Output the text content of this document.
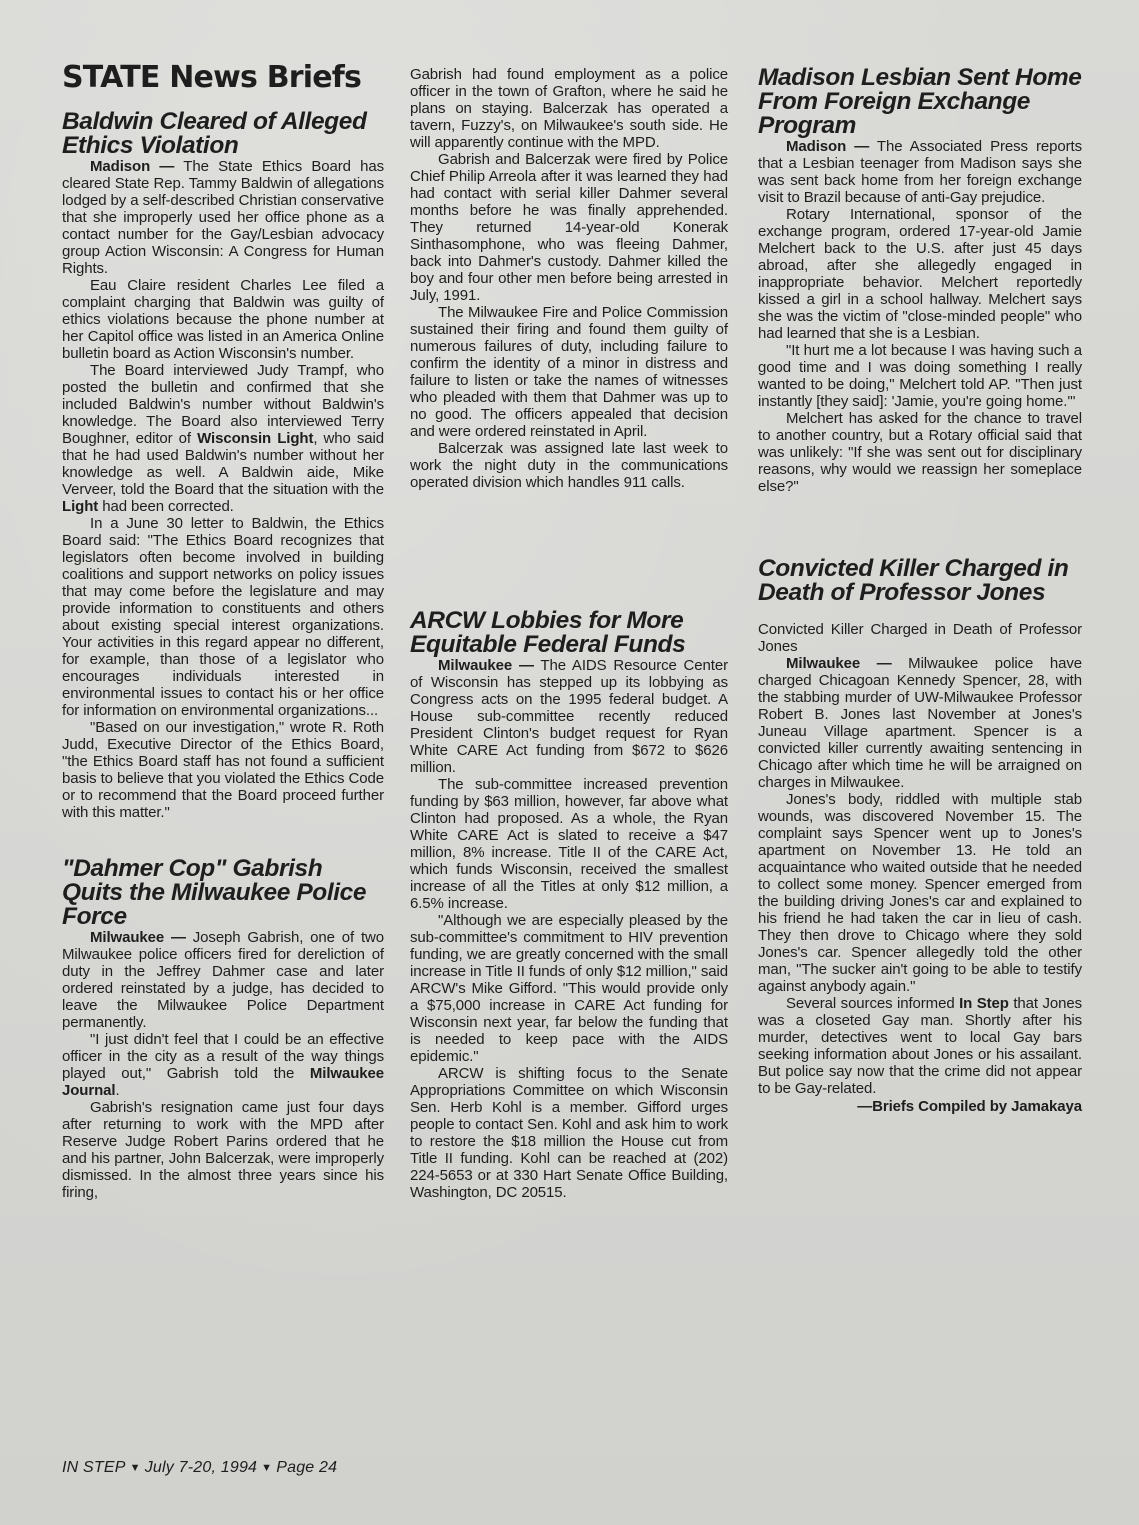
STATE News Briefs
Baldwin Cleared of Alleged Ethics Violation

Madison — The State Ethics Board has cleared State Rep. Tammy Baldwin of allegations lodged by a self-described Christian conservative that she improperly used her office phone as a contact number for the Gay/Lesbian advocacy group Action Wisconsin: A Congress for Human Rights.

Eau Claire resident Charles Lee filed a complaint charging that Baldwin was guilty of ethics violations because the phone number at her Capitol office was listed in an America Online bulletin board as Action Wisconsin's number.

The Board interviewed Judy Trampf, who posted the bulletin and confirmed that she included Baldwin's number without Baldwin's knowledge. The Board also interviewed Terry Boughner, editor of Wisconsin Light, who said that he had used Baldwin's number without her knowledge as well. A Baldwin aide, Mike Verveer, told the Board that the situation with the Light had been corrected.

In a June 30 letter to Baldwin, the Ethics Board said: "The Ethics Board recognizes that legislators often become involved in building coalitions and support networks on policy issues that may come before the legislature and may provide information to constituents and others about existing special interest organizations. Your activities in this regard appear no different, for example, than those of a legislator who encourages individuals interested in environmental issues to contact his or her office for information on environmental organizations...

"Based on our investigation," wrote R. Roth Judd, Executive Director of the Ethics Board, "the Ethics Board staff has not found a sufficient basis to believe that you violated the Ethics Code or to recommend that the Board proceed further with this matter."

"Dahmer Cop" Gabrish Quits the Milwaukee Police Force

Milwaukee — Joseph Gabrish, one of two Milwaukee police officers fired for dereliction of duty in the Jeffrey Dahmer case and later ordered reinstated by a judge, has decided to leave the Milwaukee Police Department permanently.

"I just didn't feel that I could be an effective officer in the city as a result of the way things played out," Gabrish told the Milwaukee Journal.

Gabrish's resignation came just four days after returning to work with the MPD after Reserve Judge Robert Parins ordered that he and his partner, John Balcerzak, were improperly dismissed. In the almost three years since his firing,

Gabrish had found employment as a police officer in the town of Grafton, where he said he plans on staying. Balcerzak has operated a tavern, Fuzzy's, on Milwaukee's south side. He will apparently continue with the MPD.

Gabrish and Balcerzak were fired by Police Chief Philip Arreola after it was learned they had had contact with serial killer Dahmer several months before he was finally apprehended. They returned 14-year-old Konerak Sinthasomphone, who was fleeing Dahmer, back into Dahmer's custody. Dahmer killed the boy and four other men before being arrested in July, 1991.

The Milwaukee Fire and Police Commission sustained their firing and found them guilty of numerous failures of duty, including failure to confirm the identity of a minor in distress and failure to listen or take the names of witnesses who pleaded with them that Dahmer was up to no good. The officers appealed that decision and were ordered reinstated in April.

Balcerzak was assigned late last week to work the night duty in the communications operated division which handles 911 calls.

ARCW Lobbies for More Equitable Federal Funds

Milwaukee — The AIDS Resource Center of Wisconsin has stepped up its lobbying as Congress acts on the 1995 federal budget. A House sub-committee recently reduced President Clinton's budget request for Ryan White CARE Act funding from $672 to $626 million.

The sub-committee increased prevention funding by $63 million, however, far above what Clinton had proposed. As a whole, the Ryan White CARE Act is slated to receive a $47 million, 8% increase. Title II of the CARE Act, which funds Wisconsin, received the smallest increase of all the Titles at only $12 million, a 6.5% increase.

"Although we are especially pleased by the sub-committee's commitment to HIV prevention funding, we are greatly concerned with the small increase in Title II funds of only $12 million," said ARCW's Mike Gifford. "This would provide only a $75,000 increase in CARE Act funding for Wisconsin next year, far below the funding that is needed to keep pace with the AIDS epidemic."

ARCW is shifting focus to the Senate Appropriations Committee on which Wisconsin Sen. Herb Kohl is a member. Gifford urges people to contact Sen. Kohl and ask him to work to restore the $18 million the House cut from Title II funding. Kohl can be reached at (202) 224-5653 or at 330 Hart Senate Office Building, Washington, DC 20515.

Madison Lesbian Sent Home From Foreign Exchange Program

Madison — The Associated Press reports that a Lesbian teenager from Madison says she was sent back home from her foreign exchange visit to Brazil because of anti-Gay prejudice.

Rotary International, sponsor of the exchange program, ordered 17-year-old Jamie Melchert back to the U.S. after just 45 days abroad, after she allegedly engaged in inappropriate behavior. Melchert reportedly kissed a girl in a school hallway. Melchert says she was the victim of "close-minded people" who had learned that she is a Lesbian.

"It hurt me a lot because I was having such a good time and I was doing something I really wanted to be doing," Melchert told AP. "Then just instantly [they said]: 'Jamie, you're going home.'"

Melchert has asked for the chance to travel to another country, but a Rotary official said that was unlikely: "If she was sent out for disciplinary reasons, why would we reassign her someplace else?"

Convicted Killer Charged in Death of Professor Jones

Convicted Killer Charged in Death of Professor Jones

Milwaukee — Milwaukee police have charged Chicagoan Kennedy Spencer, 28, with the stabbing murder of UW-Milwaukee Professor Robert B. Jones last November at Jones's Juneau Village apartment. Spencer is a convicted killer currently awaiting sentencing in Chicago after which time he will be arraigned on charges in Milwaukee.

Jones's body, riddled with multiple stab wounds, was discovered November 15. The complaint says Spencer went up to Jones's apartment on November 13. He told an acquaintance who waited outside that he needed to collect some money. Spencer emerged from the building driving Jones's car and explained to his friend he had taken the car in lieu of cash. They then drove to Chicago where they sold Jones's car. Spencer allegedly told the other man, "The sucker ain't going to be able to testify against anybody again."

Several sources informed In Step that Jones was a closeted Gay man. Shortly after his murder, detectives went to local Gay bars seeking information about Jones or his assailant. But police say now that the crime did not appear to be Gay-related.

—Briefs Compiled by Jamakaya
IN STEP ▼ July 7-20, 1994 ▼ Page 24
